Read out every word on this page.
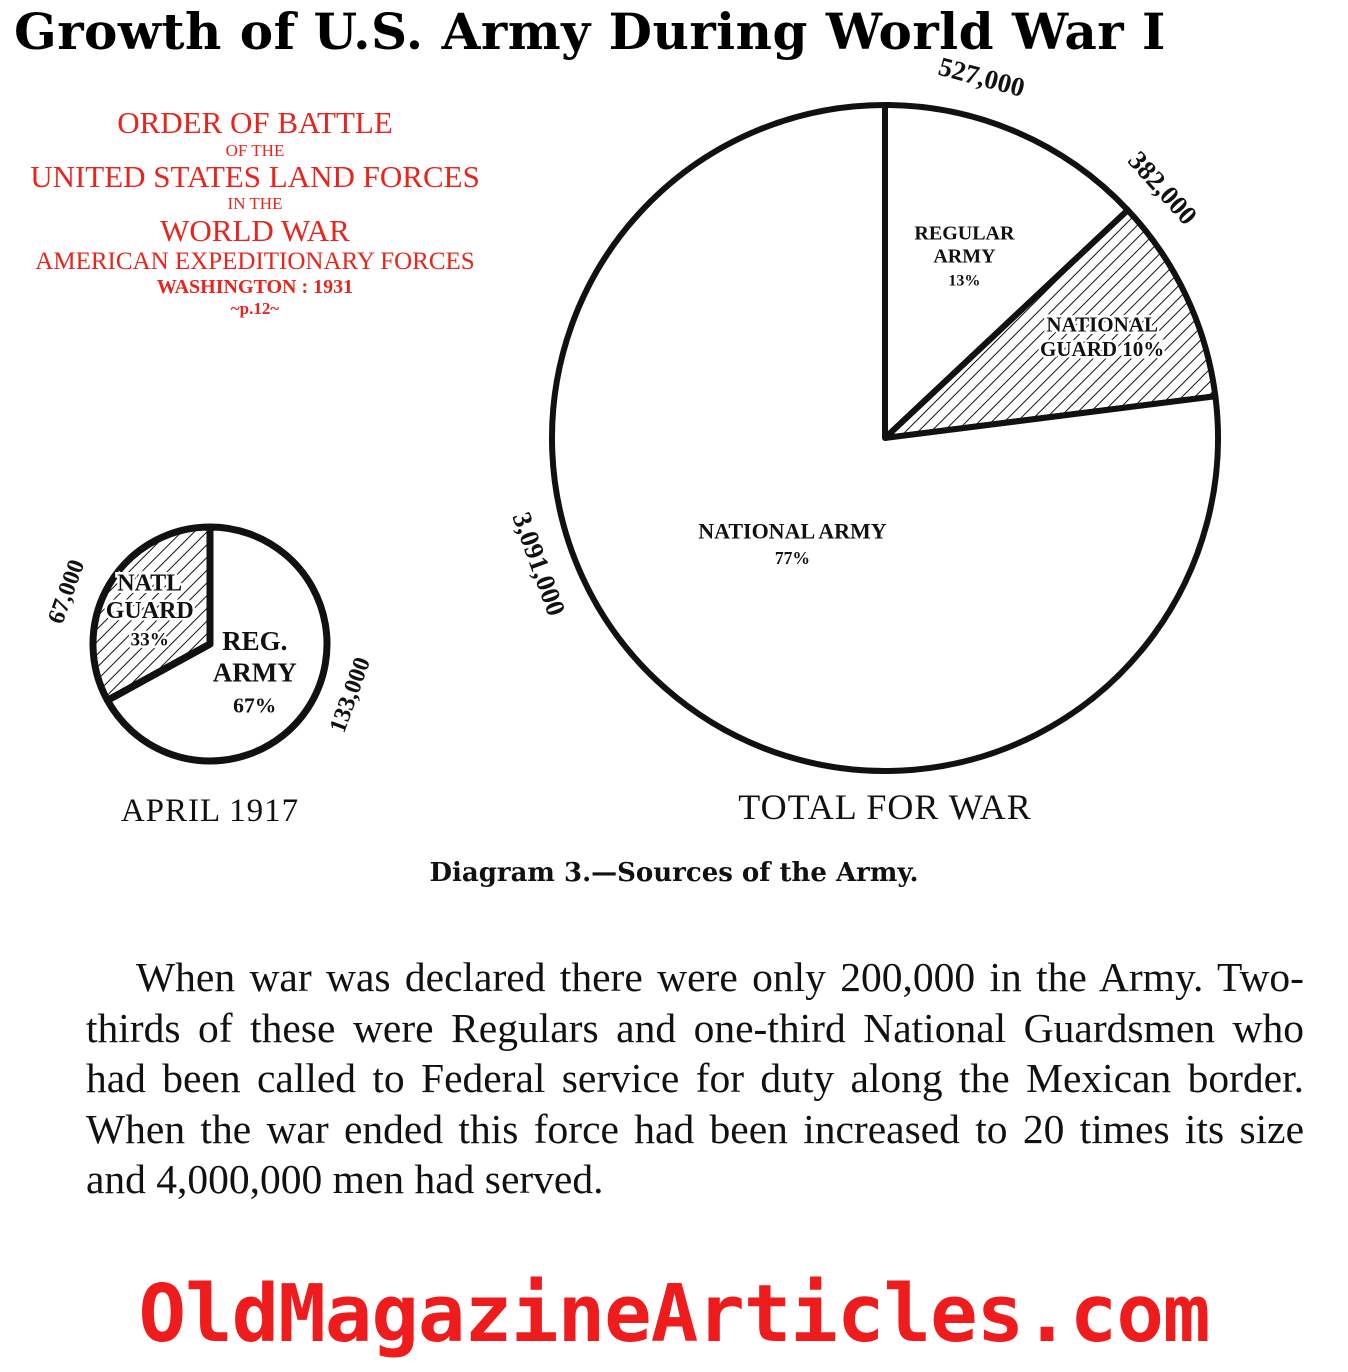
Growth of U.S. Army During World War I
ORDER OF BATTLE
OF THE
UNITED STATES LAND FORCES
IN THE
WORLD WAR
AMERICAN EXPEDITIONARY FORCES
WASHINGTON : 1931
~p.12~
REG.
ARMY
67% 133,000
NATL
GUARD
33%
67,000
APRIL 1917
REGULAR
ARMY
13%
527,000
NATIONAL
GUARD 10%
382,000
NATIONAL ARMY
77%
3,091,000
TOTAL FOR WAR
Diagram 3.—Sources of the Army.
When war was declared there were only 200,000 in the Army. Two-thirds of these were Regulars and one-third National Guardsmen who had been called to Federal service for duty along the Mexican border. When the war ended this force had been increased to 20 times its size and 4,000,000 men had served.
OldMagazineArticles.com
